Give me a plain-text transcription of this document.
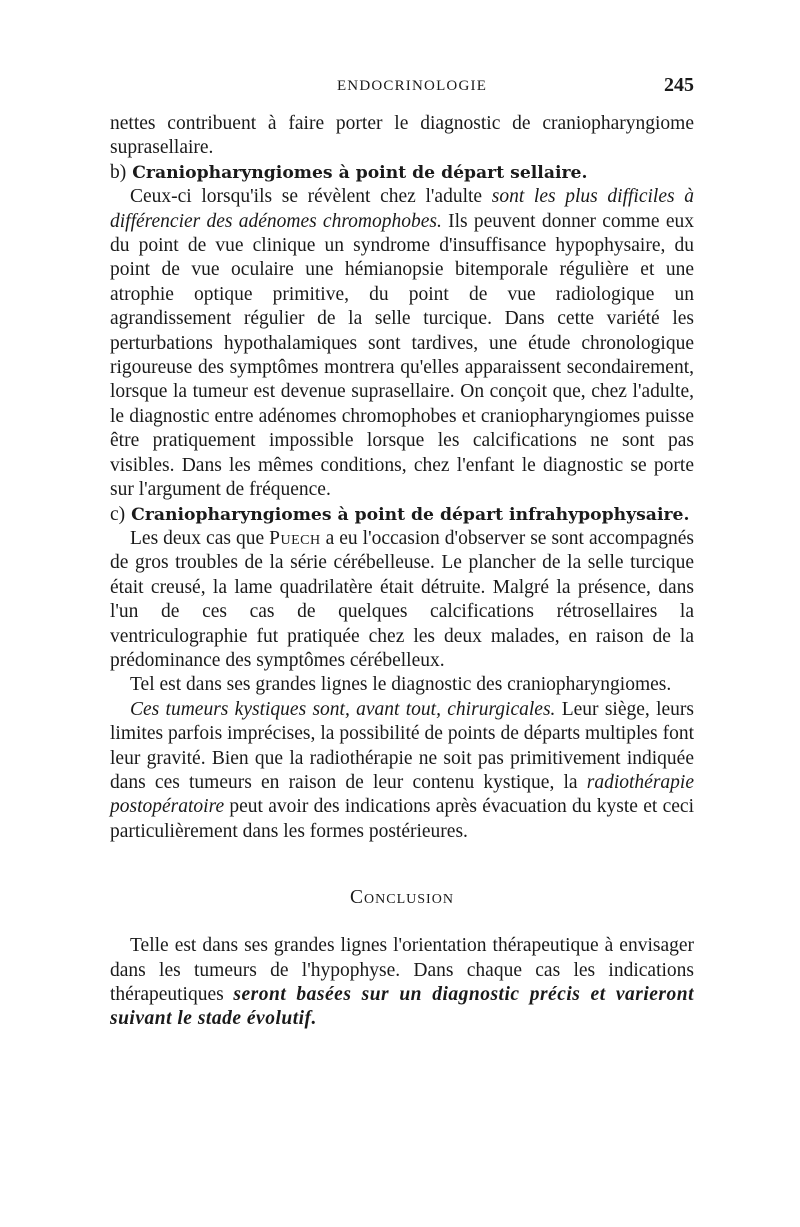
ENDOCRINOLOGIE	245

nettes contribuent à faire porter le diagnostic de craniopharyngiome suprasellaire.

b) Craniopharyngiomes à point de départ sellaire.

Ceux-ci lorsqu'ils se révèlent chez l'adulte sont les plus difficiles à différencier des adénomes chromophobes. Ils peuvent donner comme eux du point de vue clinique un syndrome d'insuffisance hypophysaire, du point de vue oculaire une hémianopsie bitemporale régulière et une atrophie optique primitive, du point de vue radiologique un agrandissement régulier de la selle turcique. Dans cette variété les perturbations hypothalamiques sont tardives, une étude chronologique rigoureuse des symptômes montrera qu'elles apparaissent secondairement, lorsque la tumeur est devenue suprasellaire. On conçoit que, chez l'adulte, le diagnostic entre adénomes chromophobes et craniopharyngiomes puisse être pratiquement impossible lorsque les calcifications ne sont pas visibles. Dans les mêmes conditions, chez l'enfant le diagnostic se porte sur l'argument de fréquence.

c) Craniopharyngiomes à point de départ infrahypophysaire.

Les deux cas que Puech a eu l'occasion d'observer se sont accompagnés de gros troubles de la série cérébelleuse. Le plancher de la selle turcique était creusé, la lame quadrilatère était détruite. Malgré la présence, dans l'un de ces cas de quelques calcifications rétrosellaires la ventriculographie fut pratiquée chez les deux malades, en raison de la prédominance des symptômes cérébelleux.

Tel est dans ses grandes lignes le diagnostic des craniopharyngiomes.

Ces tumeurs kystiques sont, avant tout, chirurgicales. Leur siège, leurs limites parfois imprécises, la possibilité de points de départs multiples font leur gravité. Bien que la radiothérapie ne soit pas primitivement indiquée dans ces tumeurs en raison de leur contenu kystique, la radiothérapie postopératoire peut avoir des indications après évacuation du kyste et ceci particulièrement dans les formes postérieures.

Conclusion

Telle est dans ses grandes lignes l'orientation thérapeutique à envisager dans les tumeurs de l'hypophyse. Dans chaque cas les indications thérapeutiques seront basées sur un diagnostic précis et varieront suivant le stade évolutif.
